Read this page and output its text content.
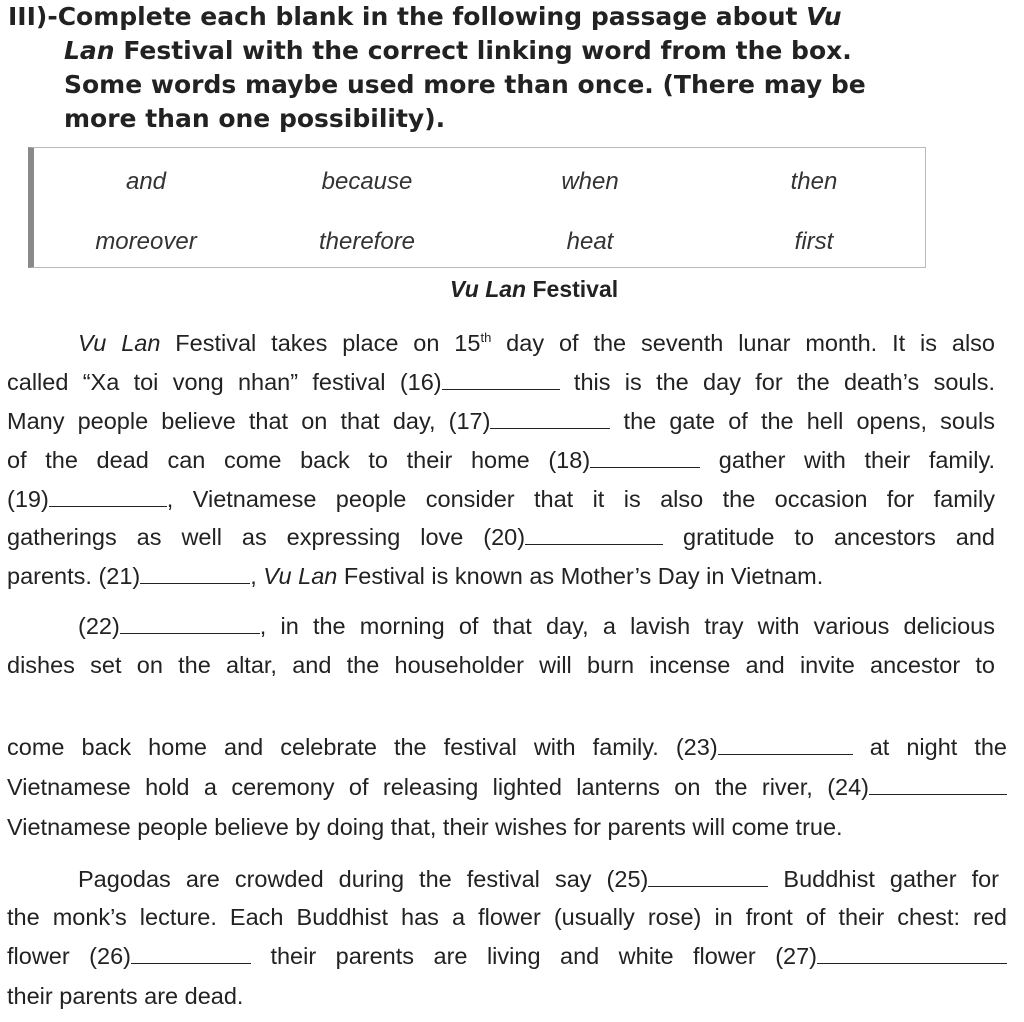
III)-Complete each blank in the following passage about Vu
Lan Festival with the correct linking word from the box.
Some words maybe used more than once. (There may be
more than one possibility).
and	because	when	then
moreover	therefore	heat	first
Vu Lan Festival
Vu Lan Festival takes place on 15th day of the seventh lunar month. It is also
called “Xa toi vong nhan” festival (16)	this is the day for the death’s souls.
Many people believe that on that day, (17)	the gate of the hell opens, souls
of the dead can come back to their home (18)	gather with their family.
(19)	, Vietnamese people consider that it is also the occasion for family
gatherings as well as expressing love (20)	gratitude to ancestors and
parents. (21)	, Vu Lan Festival is known as Mother’s Day in Vietnam.
(22)	, in the morning of that day, a lavish tray with various delicious
dishes set on the altar, and the householder will burn incense and invite ancestor to
come back home and celebrate the festival with family. (23)	at night the
Vietnamese hold a ceremony of releasing lighted lanterns on the river, (24)
Vietnamese people believe by doing that, their wishes for parents will come true.
Pagodas are crowded during the festival say (25)	Buddhist gather for
the monk’s lecture. Each Buddhist has a flower (usually rose) in front of their chest: red
flower (26)	their parents are living and white flower (27)
their parents are dead.
